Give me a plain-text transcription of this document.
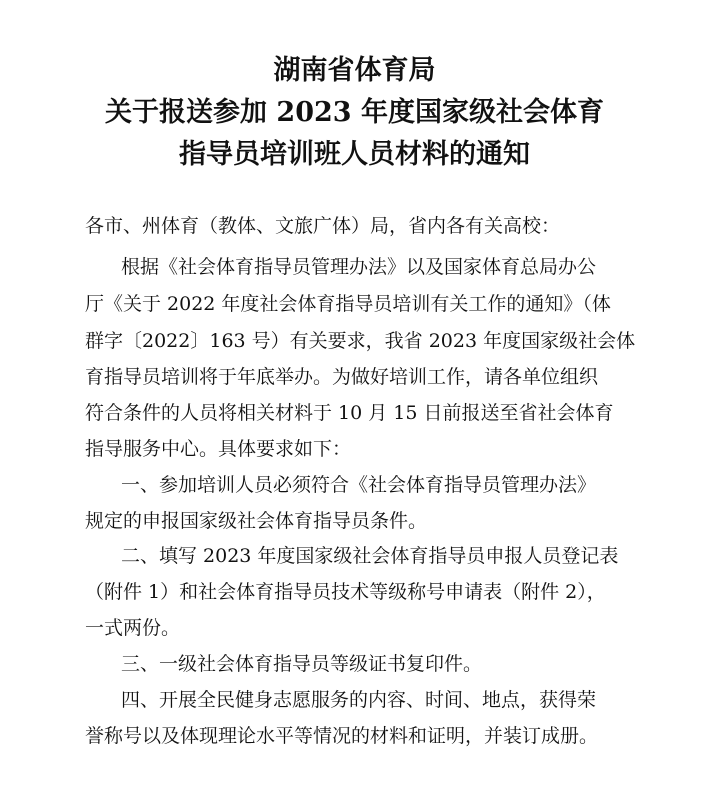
湖南省体育局
关于报送参加 2023 年度国家级社会体育
指导员培训班人员材料的通知
各市、州体育（教体、文旅广体）局，省内各有关高校：
根据《社会体育指导员管理办法》以及国家体育总局办公
厅《关于 2022 年度社会体育指导员培训有关工作的通知》（体
群字〔2022〕163 号）有关要求，我省 2023 年度国家级社会体
育指导员培训将于年底举办。为做好培训工作，请各单位组织
符合条件的人员将相关材料于 10 月 15 日前报送至省社会体育
指导服务中心。具体要求如下：
一、参加培训人员必须符合《社会体育指导员管理办法》
规定的申报国家级社会体育指导员条件。
二、填写 2023 年度国家级社会体育指导员申报人员登记表
（附件 1）和社会体育指导员技术等级称号申请表（附件 2），
一式两份。
三、一级社会体育指导员等级证书复印件。
四、开展全民健身志愿服务的内容、时间、地点，获得荣
誉称号以及体现理论水平等情况的材料和证明，并装订成册。
